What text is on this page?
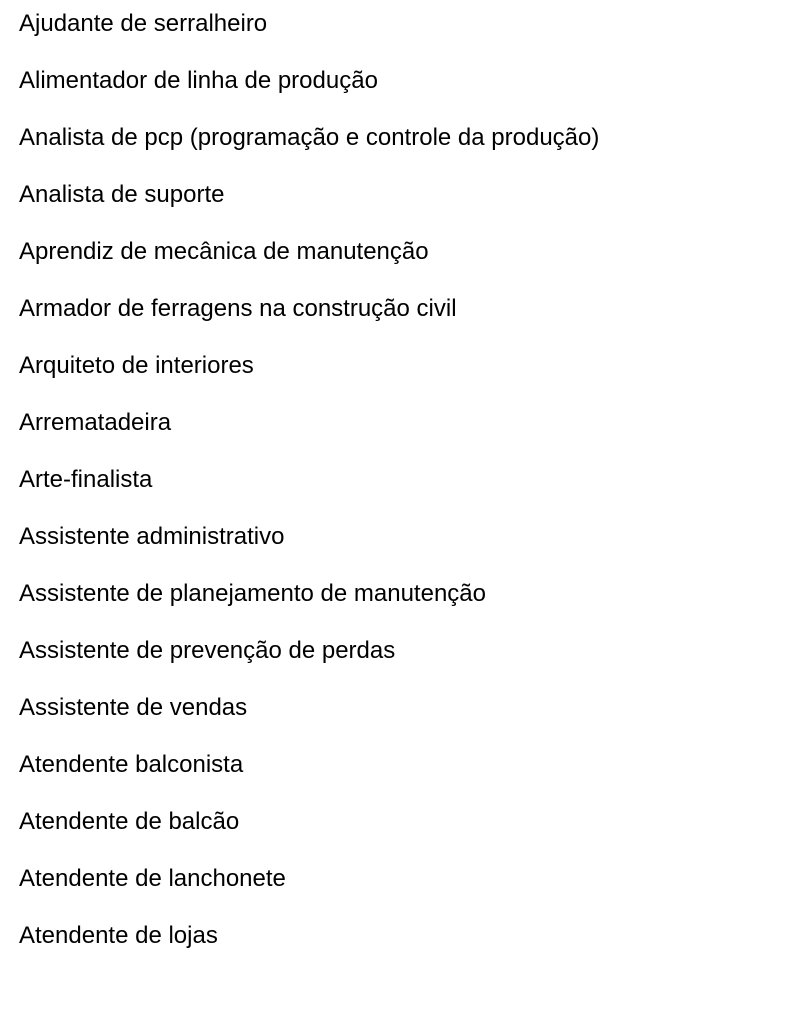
Ajudante de serralheiro
Alimentador de linha de produção
Analista de pcp (programação e controle da produção)
Analista de suporte
Aprendiz de mecânica de manutenção
Armador de ferragens na construção civil
Arquiteto de interiores
Arrematadeira
Arte-finalista
Assistente administrativo
Assistente de planejamento de manutenção
Assistente de prevenção de perdas
Assistente de vendas
Atendente balconista
Atendente de balcão
Atendente de lanchonete
Atendente de lojas
